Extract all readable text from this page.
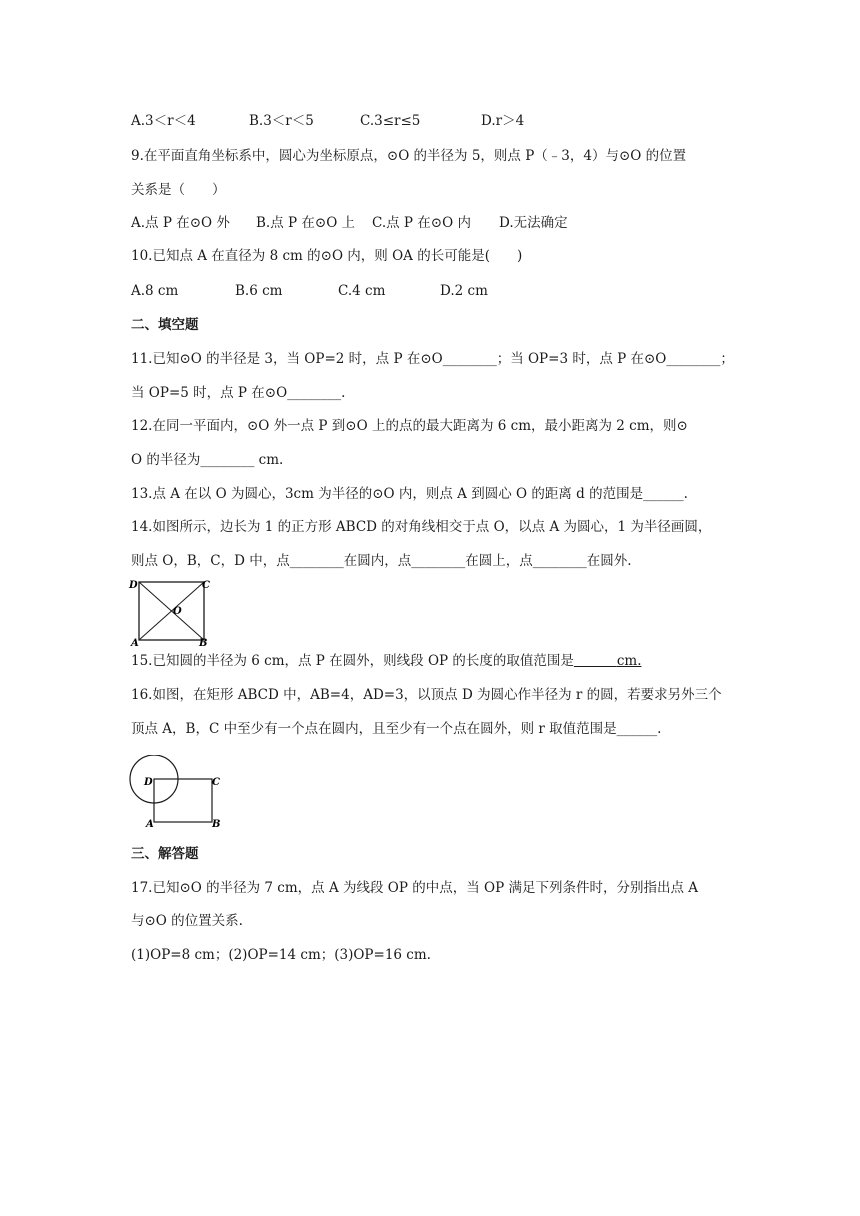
A.3＜r＜4	B.3＜r＜5	C.3≤r≤5	D.r＞4
9.在平面直角坐标系中，圆心为坐标原点，⊙O 的半径为 5，则点 P（﹣3，4）与⊙O 的位置
关系是（　　）
A.点 P 在⊙O 外	B.点 P 在⊙O 上	C.点 P 在⊙O 内	D.无法确定
10.已知点 A 在直径为 8 cm 的⊙O 内，则 OA 的长可能是(　　)
A.8 cm	B.6 cm	C.4 cm	D.2 cm
二、填空题
11.已知⊙O 的半径是 3，当 OP=2 时，点 P 在⊙O________；当 OP=3 时，点 P 在⊙O________；
当 OP=5 时，点 P 在⊙O________.
12.在同一平面内，⊙O 外一点 P 到⊙O 上的点的最大距离为 6 cm，最小距离为 2 cm，则⊙
O 的半径为________ cm.
13.点 A 在以 O 为圆心，3cm 为半径的⊙O 内，则点 A 到圆心 O 的距离 d 的范围是______.
14.如图所示，边长为 1 的正方形 ABCD 的对角线相交于点 O，以点 A 为圆心，1 为半径画圆，
则点 O，B，C，D 中，点________在圆内，点________在圆上，点________在圆外.
D	C
O
A	B
15.已知圆的半径为 6 cm，点 P 在圆外，则线段 OP 的长度的取值范围是	cm.
16.如图，在矩形 ABCD 中，AB=4，AD=3，以顶点 D 为圆心作半径为 r 的圆，若要求另外三个
顶点 A，B，C 中至少有一个点在圆内，且至少有一个点在圆外，则 r 取值范围是______.
D	C
A	B
三、解答题
17.已知⊙O 的半径为 7 cm，点 A 为线段 OP 的中点，当 OP 满足下列条件时，分别指出点 A
与⊙O 的位置关系.
(1)OP=8 cm；(2)OP=14 cm；(3)OP=16 cm.
